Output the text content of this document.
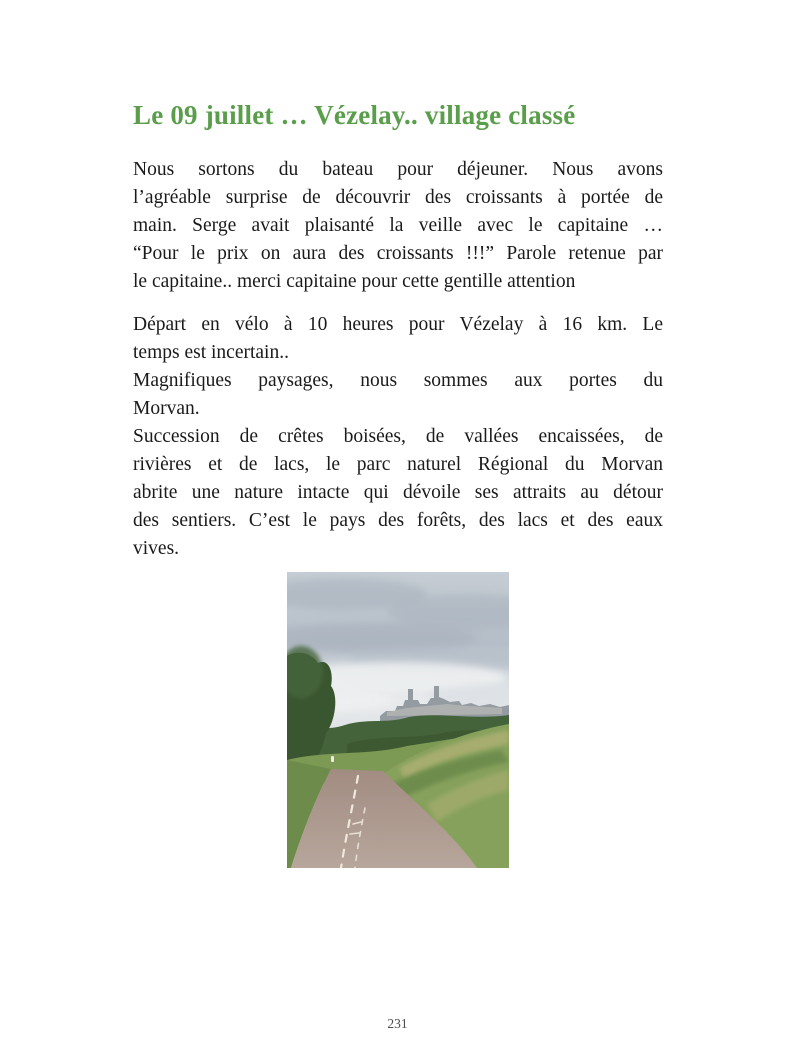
Le 09 juillet … Vézelay.. village classé
Nous sortons du bateau pour déjeuner. Nous avons
l’agréable surprise de découvrir des croissants à portée de
main. Serge avait plaisanté la veille avec le capitaine …
“Pour le prix on aura des croissants !!!” Parole retenue par
le capitaine.. merci capitaine pour cette gentille attention
Départ en vélo à 10 heures pour Vézelay à 16 km. Le
temps est incertain..
Magnifiques paysages, nous sommes aux portes du
Morvan.
Succession de crêtes boisées, de vallées encaissées, de
rivières et de lacs, le parc naturel Régional du Morvan
abrite une nature intacte qui dévoile ses attraits au détour
des sentiers. C’est le pays des forêts, des lacs et des eaux
vives.
231
